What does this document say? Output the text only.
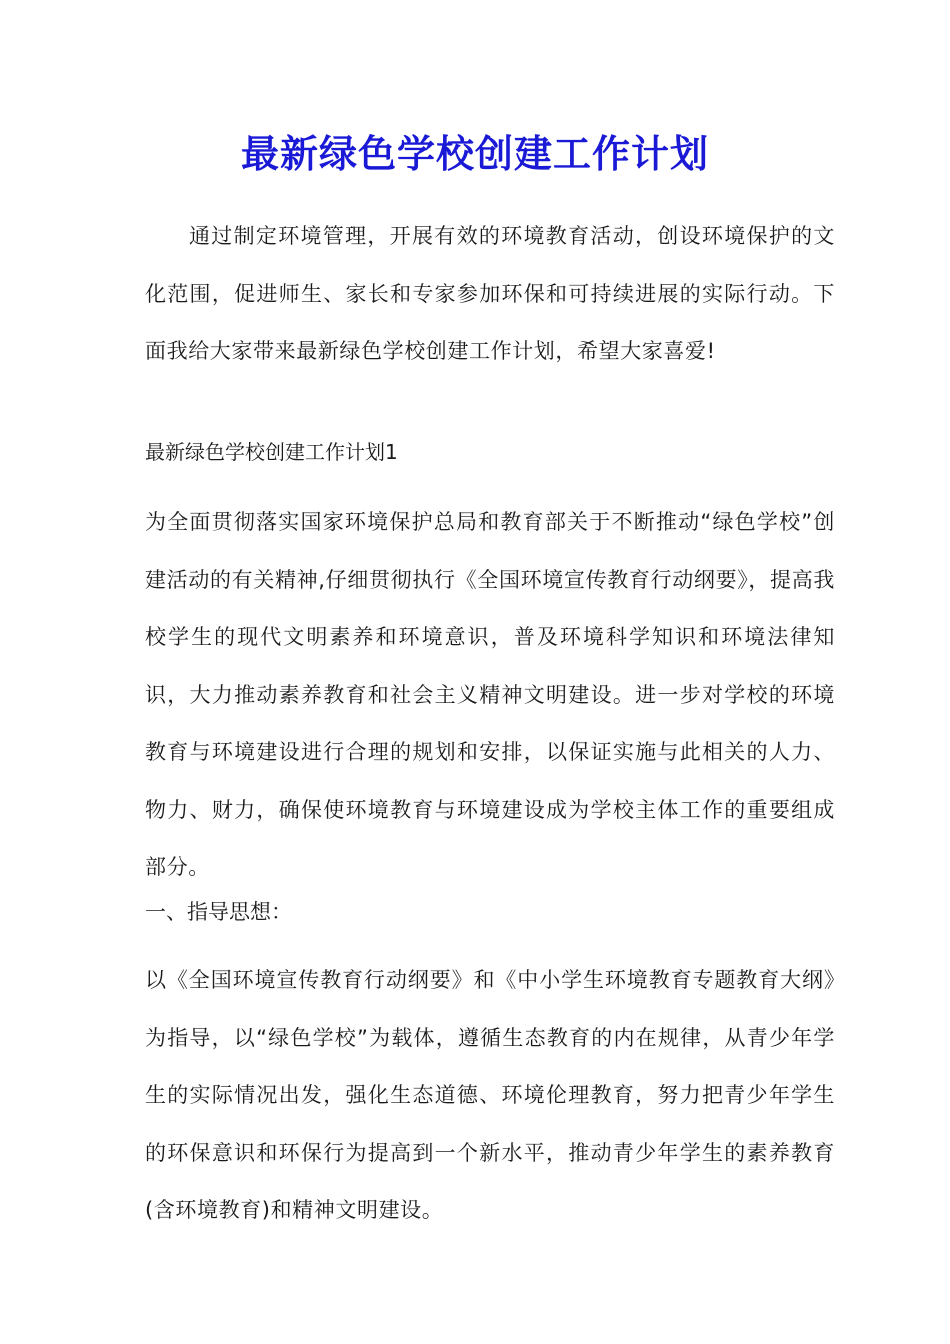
最新绿色学校创建工作计划

通过制定环境管理，开展有效的环境教育活动，创设环境保护的文化范围，促进师生、家长和专家参加环保和可持续进展的实际行动。下面我给大家带来最新绿色学校创建工作计划，希望大家喜爱!

最新绿色学校创建工作计划1

为全面贯彻落实国家环境保护总局和教育部关于不断推动“绿色学校”创建活动的有关精神,仔细贯彻执行《全国环境宣传教育行动纲要》，提高我校学生的现代文明素养和环境意识，普及环境科学知识和环境法律知识，大力推动素养教育和社会主义精神文明建设。进一步对学校的环境教育与环境建设进行合理的规划和安排，以保证实施与此相关的人力、物力、财力，确保使环境教育与环境建设成为学校主体工作的重要组成部分。

一、指导思想：

以《全国环境宣传教育行动纲要》和《中小学生环境教育专题教育大纲》为指导，以“绿色学校”为载体，遵循生态教育的内在规律，从青少年学生的实际情况出发，强化生态道德、环境伦理教育，努力把青少年学生的环保意识和环保行为提高到一个新水平，推动青少年学生的素养教育(含环境教育)和精神文明建设。
